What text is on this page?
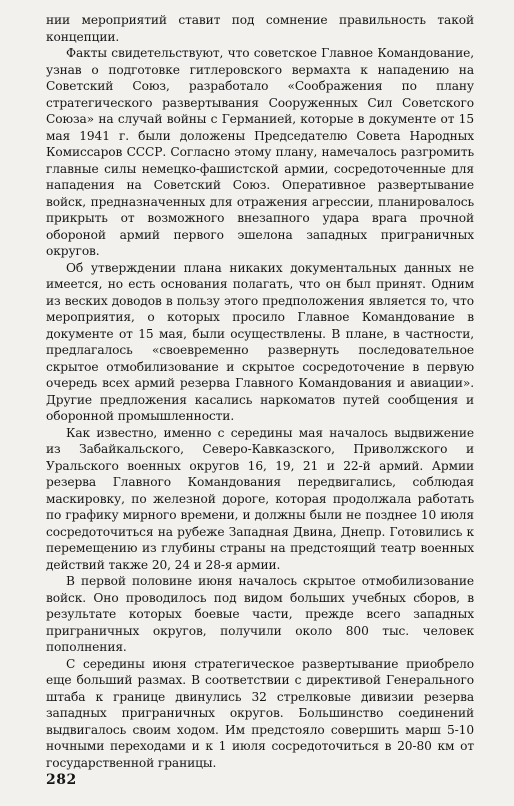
нии мероприятий ставит под сомнение правильность такой концепции.

Факты свидетельствуют, что советское Главное Командование, узнав о подготовке гитлеровского вермахта к нападению на Советский Союз, разработало «Соображения по плану стратегического развертывания Сооруженных Сил Советского Союза» на случай войны с Германией, которые в документе от 15 мая 1941 г. были доложены Председателю Совета Народных Комиссаров СССР. Согласно этому плану, намечалось разгромить главные силы немецко-фашистской армии, сосредоточенные для нападения на Советский Союз. Оперативное развертывание войск, предназначенных для отражения агрессии, планировалось прикрыть от возможного внезапного удара врага прочной обороной армий первого эшелона западных приграничных округов.

Об утверждении плана никаких документальных данных не имеется, но есть основания полагать, что он был принят. Одним из веских доводов в пользу этого предположения является то, что мероприятия, о которых просило Главное Командование в документе от 15 мая, были осуществлены. В плане, в частности, предлагалось «своевременно развернуть последовательное скрытое отмобилизование и скрытое сосредоточение в первую очередь всех армий резерва Главного Командования и авиации». Другие предложения касались наркоматов путей сообщения и оборонной промышленности.

Как известно, именно с середины мая началось выдвижение из Забайкальского, Северо-Кавказского, Приволжского и Уральского военных округов 16, 19, 21 и 22-й армий. Армии резерва Главного Командования передвигались, соблюдая маскировку, по железной дороге, которая продолжала работать по графику мирного времени, и должны были не позднее 10 июля сосредоточиться на рубеже Западная Двина, Днепр. Готовились к перемещению из глубины страны на предстоящий театр военных действий также 20, 24 и 28-я армии.

В первой половине июня началось скрытое отмобилизование войск. Оно проводилось под видом больших учебных сборов, в результате которых боевые части, прежде всего западных приграничных округов, получили около 800 тыс. человек пополнения.

С середины июня стратегическое развертывание приобрело еще больший размах. В соответствии с директивой Генерального штаба к границе двинулись 32 стрелковые дивизии резерва западных приграничных округов. Большинство соединений выдвигалось своим ходом. Им предстояло совершить марш 5-10 ночными переходами и к 1 июля сосредоточиться в 20-80 км от государственной границы.

282
